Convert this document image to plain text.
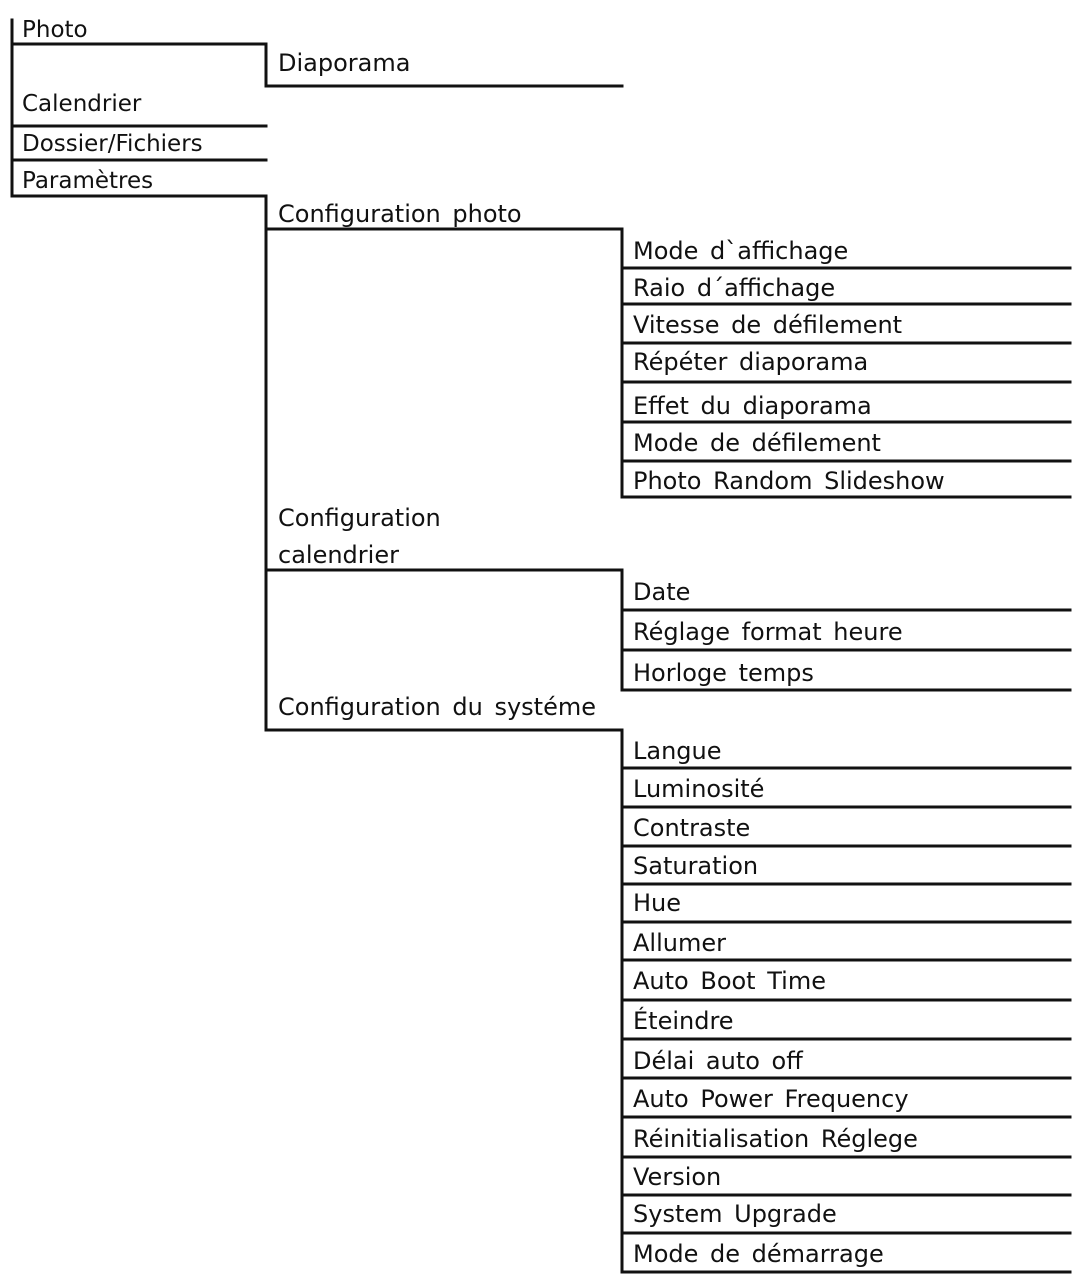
Photo
Calendrier
Dossier/Fichiers
Paramètres
Diaporama
Configuration photo
Configuration
calendrier
Configuration du systéme
Mode d`affichage
Raio d´affichage
Vitesse de défilement
Répéter diaporama
Effet du diaporama
Mode de défilement
Photo Random Slideshow
Date
Réglage format heure
Horloge temps
Langue
Luminosité
Contraste
Saturation
Hue
Allumer
Auto Boot Time
Éteindre
Délai auto off
Auto Power Frequency
Réinitialisation Réglege
Version
System Upgrade
Mode de démarrage
